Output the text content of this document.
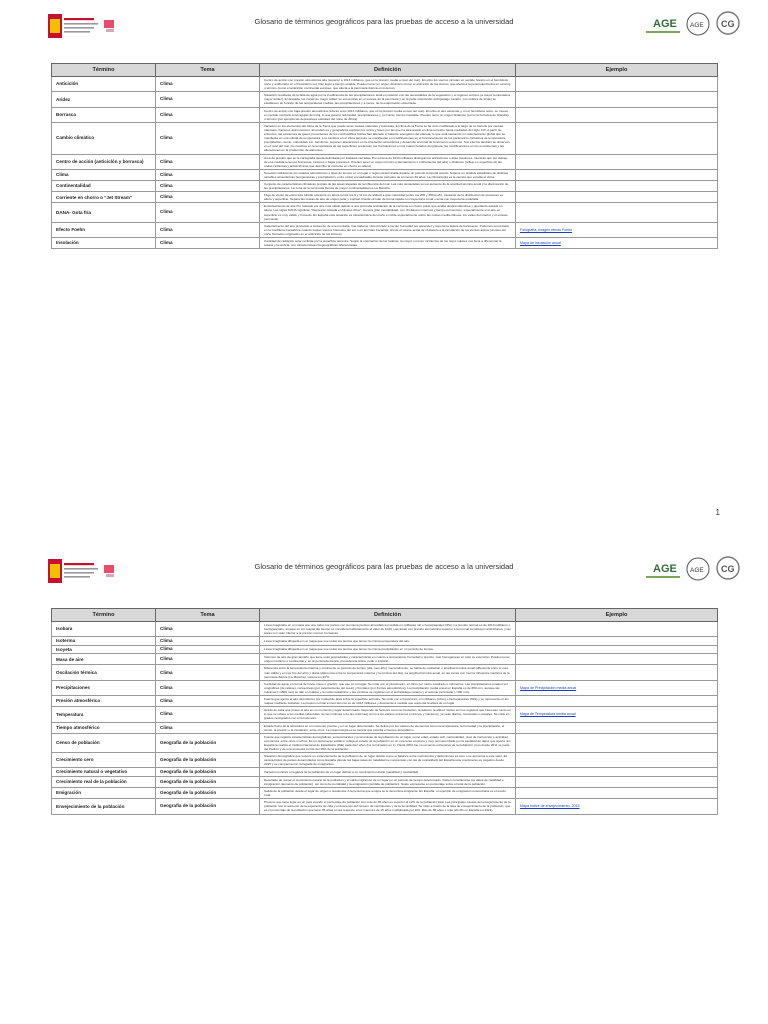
Glosario de términos geográficos para las pruebas de acceso a la universidad	AGE AGE CG
Término	Tema	Definición	Ejemplo
Anticiclón	Clima	Centro de acción con presión atmosférica alta (superior a 1013 milibares, que es la presión media a nivel del mar). En ellos los vientos circulan en sentido horario en el hemisferio norte y antihorario en el hemisferio sur. Dan lugar a tiempo estable. Pueden tener un origen dinámico (como el anticiclón de las Azores, que afecta a la península ibérica en verano) o térmico (como el anticiclón continental europeo, que afecta a la península ibérica en invierno).	
Aridez	Clima	Situación resultante de la falta de agua por la insuficiencia de las precipitaciones. Está en relación con las necesidades de la vegetación y el régimen térmico (a mayor temperatura, mayor aridez). En España, las zonas de mayor aridez se encuentran en el sureste de la península y en la parte oriental del archipiélago canario. Los índices de aridez se establecen en función de las temperaturas medias, las precipitaciones y a veces, de la evaporación observada.	
Borrasca	Clima	Centro de acción con baja presión atmosférica (inferior a los 1013 milibares, que es la presión media a nivel del mar). En ellos el aire asciende y, en el hemisferio norte, se mueve en sentido contrario a las agujas del reloj, lo que genera nubosidad, precipitaciones y, por tanto, tiempo inestable. Pueden tener un origen dinámico (como la borrasca de Islandia) o térmico (por ejemplo las depresiones estivales del norte de África).	
Cambio climático	Clima	Variación en los elementos del clima de la Tierra que puede tener causas naturales y humanas. El clima de la Tierra se ha visto modificado a lo largo de su historia por causas naturales. Factores astronómicos, atmosféricos y geográficos explican los ciclos y fases por las que ha atravesado el clima terrestre hasta mediados del siglo XIX. A partir de entonces, las emisiones de gases procedentes de los combustibles fósiles han alterado el balance energético del planeta, lo que está causando un calentamiento global que se manifiesta en una subida de temperatura. Los cambios en el clima terrestre se manifiestan en modificaciones en el funcionamiento de los parámetros climáticos de temperatura, precipitación, viento, nubosidad, etc. Asimismo, suponen alteraciones en la circulación atmosférica y desarrollo anormal de fenómenos extremos. Sus efectos también se observan en el nivel del mar, los cambios en la temperatura de las superficies oceánicas, las fluctuaciones en los mares helados del planeta, las modificaciones en los ecosistemas y las alteraciones en la producción de alimentos.	
Centro de acción (anticiclón y borrasca)	Clima	Área de presión que en la cartografía queda delimitada por isobaras cerradas. Por encima de 1013 milibares distinguimos anticiclones o altas presiones, mientras que por debajo de esa medida tenemos borrascas, ciclones o bajas presiones. Pueden tener un origen térmico (calentamiento o enfriamiento del aire) o dinámico (reflejo en superficie de las ondas ciclónicas y anticiclónicas que describe la corriente en chorro en altura).	
Clima	Clima	Sucesión habitual de los estados atmosféricos o tipos de tiempo en un lugar o región determinada durante un periodo temporal amplio. Supone un análisis estadístico de distintas variables atmosféricas (temperaturas y precipitación, entre otras) encuadradas durante periodos de al menos 30 años. La climatología es la ciencia que estudia el clima.	
Continentalidad	Clima	Conjunto de características climáticas propias de las áreas alejadas de la influencia del mar. Las más destacadas son el aumento de la amplitud térmica anual y la disminución de las precipitaciones. La zona de la península ibérica de mayor continentalidad es La Mancha.	
Corriente en chorro o "Jet Stream"	Clima	Flujo de viento de estructura tubular existente en altura (entre los 9 y 11 km de altitud) a gran velocidad (entre los 200 y 300 km/h), causante de la distribución de presiones en altura y superficie. Separa las masas de aire de origen polar y tropical. Puede circular de forma rápida con trayectoria zonal o lenta con trayectoria ondulada.	
DANA- Gota fría	Clima	Embolsamiento de aire frío rodeado por aire más cálido debido a una profunda ondulación de la corriente en chorro polar, que acaba desprendiéndose y quedando aislado en altura. Las siglas DANA significan "Depresión Aislada en Niveles Altos". Genera gran inestabilidad, con chubascos intensos y tiempo tormentoso, especialmente si el aire en superficie es muy cálido y húmedo. En España esta situación es característica del otoño e incide especialmente sobre las costas mediterráneas, los valles del interior y el sureste peninsular.	
Efecto Foehn	Clima	Calentamiento del aire producido a sotavento de una montaña, tras haberse visto forzado a perder humedad por ascender y superar la ladera de barlovento. Podemos encontrarlo en la Cordillera Cantábrica cuando soplan vientos húmedos del sur o en las Islas Canarias, donde el relieve actúa de obstáculo a la circulación de los vientos alisios (vientos del norte húmedos originados en el anticiclón de las Azores).	Fotografía, imagen efecto Foehn
Insolación	Clima	Cantidad de radiación solar recibida por la superficie terrestre. Según la orientación de las laderas, la mayor o menor incidencia de los rayos solares nos lleva a diferenciar la solana y la umbría, con características biogeográficas diferenciadas.	Mapa de insolación anual
1
Glosario de términos geográficos para las pruebas de acceso a la universidad	AGE AGE CG
Término	Tema	Definición	Ejemplo
Isobara	Clima	Línea imaginaria en un mapa que une todos los puntos con la misma presión atmosférica (medida en milibares mb o hectopascales hPa). La presión normal es de 1013 milibares o hectopascales, aunque en los mapas del tiempo se considera habitualmente el valor de 1016. Las áreas con presión atmosférica superior a la normal constituyen anticiclones, y las áreas con valor inferior a la presión normal, borrascas.	
Isoterma	Clima	Línea imaginaria dibujada en un mapa que une todos los puntos que tienen la misma temperatura del aire.	
Isoyeta	Clima	Línea imaginaria dibujada en un mapa que une todos los puntos que tienen la misma precipitación en un periodo de tiempo.	
Masa de aire	Clima	Volumen de aire de gran tamaño que tiene unas propiedades y características en cuanto a temperatura, humedad o presión, casi homogéneas en todo su extensión. Pueden tener origen marítimo o continental y, en la península ibérica, procedencia ártica, polar o tropical.	
Oscilación térmica	Clima	Diferencia entre la temperatura máxima y mínima de un periodo de tiempo (día, mes año). Generalmente, se habla de oscilación o amplitud térmica anual (diferencia entre el mes más cálido y el mes frío del año) y diaria (diferencia entre la temperatura máxima y la mínima del día). La amplitud térmica anual, en las zonas con menos influencia marítima de la península ibérica (La Mancha), supera los 20ºC.	
Precipitaciones	Clima	Cantidad de agua, en forma de lluvia, nieve o granizo, que cae en un lugar. Se mide con el pluviómetro, en litros por metro cuadrado o milímetros. Las precipitaciones pueden ser orográficas (de relieve), convectivas (por calentamiento del suelo) y frontales (por frentes atmosféricos). La precipitación media anual en España es de 650 mm, aunque las máximas (>1800 mm) se dan en Galicia y la costa cantábrica, y las mínimas se registran en el archipiélago canario y el sureste peninsular (<300 mm).	Mapa de Precipitación media anual
Presión atmosférica	Clima	Fuerza que ejerce el aire atmosférico por unidad de área sobre la superficie terrestre. Se mide con el barómetro, en milibares (mbar) o hectopascales (hPa) y se representa en los mapas mediante isobaras. La presión normal a nivel del mar es de 1013 milibares y desciende a medida que aumenta la altura de un lugar.	
Temperatura	Clima	Grado de calor que posee el aire en un momento y lugar determinado. Depende de factores como la insolación, la latitud o la altitud. Varios son los registros que interesan, tanto en lo que se refiere a los medias (absolutas, de las mínimas o de las máximas) como a los valores extremos (mínimos y máximos), ya sean diarios, mensuales o anuales. Se mide en grados centígrados con el termómetro.	Mapa de Temperatura media anual
Tiempo atmosférico	Clima	Estado físico de la atmósfera en un momento preciso y en un lugar determinado. Se define por los valores de elementos como la temperatura, la humedad y la precipitación, el viento, la presión o la insolación, entre otros. La meteorología es la ciencia que estudia el tiempo atmosférico.	
Censo de población	Geografía de la población	Fuente que registra características demográficas, socioculturales y económicas de la población de un lugar, como edad, estado civil, nacionalidad, nivel de instrucción o actividad económica, entre otros muchos. Es un documento estático: refleja el estado de la población en un momento concreto y muy pormenorizado por la cantidad de datos que aporta. En España la realiza el Instituto Nacional de Estadística (INE) cada diez años (los terminados en 1). Hasta 2001 fue un recuento exhaustivo de la población, pero desde 2011 se parte del Padrón y de una encuesta a más del 10% de la población.	
Crecimiento cero	Geografía de la población	Situación demográfica que supone un estancamiento de la población de un lugar debido a que el balance entre nacimientos y defunciones es cero o se aproxima a este valor. Es característico de países desarrollados como España (donde las bajas tasas de natalidad se compensan con las de mortalidad). En España este crecimiento es negativo desde 2015 y se compensa con la llegada de inmigrantes.	
Crecimiento natural o vegetativo	Geografía de la población	Variación positiva o negativa de la población de un lugar debido a su movimiento natural (natalidad y mortalidad).	
Crecimiento real de la población	Geografía de la población	Resultado de sumar el crecimiento natural de la población y el saldo migratorio de un lugar en un periodo de tiempo determinado. Deben considerarse los datos de natalidad e inmigración (aumento de población), así como la mortalidad y la emigración (pérdida de población). Suele expresarse en porcentaje sobre el total de la población.	
Emigración	Geografía de la población	Salida de la población desde el lugar de origen o residencia. A la persona que emigra se le denomina emigrante. En España, un ejemplo de emigración rural-urbana es el éxodo rural.	
Envejecimiento de la población	Geografía de la población	Proceso que tiene lugar en un país cuando el porcentaje de población con más de 65 años es superior al 12% de la población total. Las principales causas del envejecimiento de la población son el aumento de la esperanza de vida y el descenso del número de nacimientos y de la fecundidad. Se mide a través de la tasa de envejecimiento de la población, que es el porcentaje de la población que tiene 65 años o más respecto a los menores de 15 años multiplicada por 100. Más de 65 años o más (20,4% en España en 2021).	Mapa índice de envejecimiento. 2015
